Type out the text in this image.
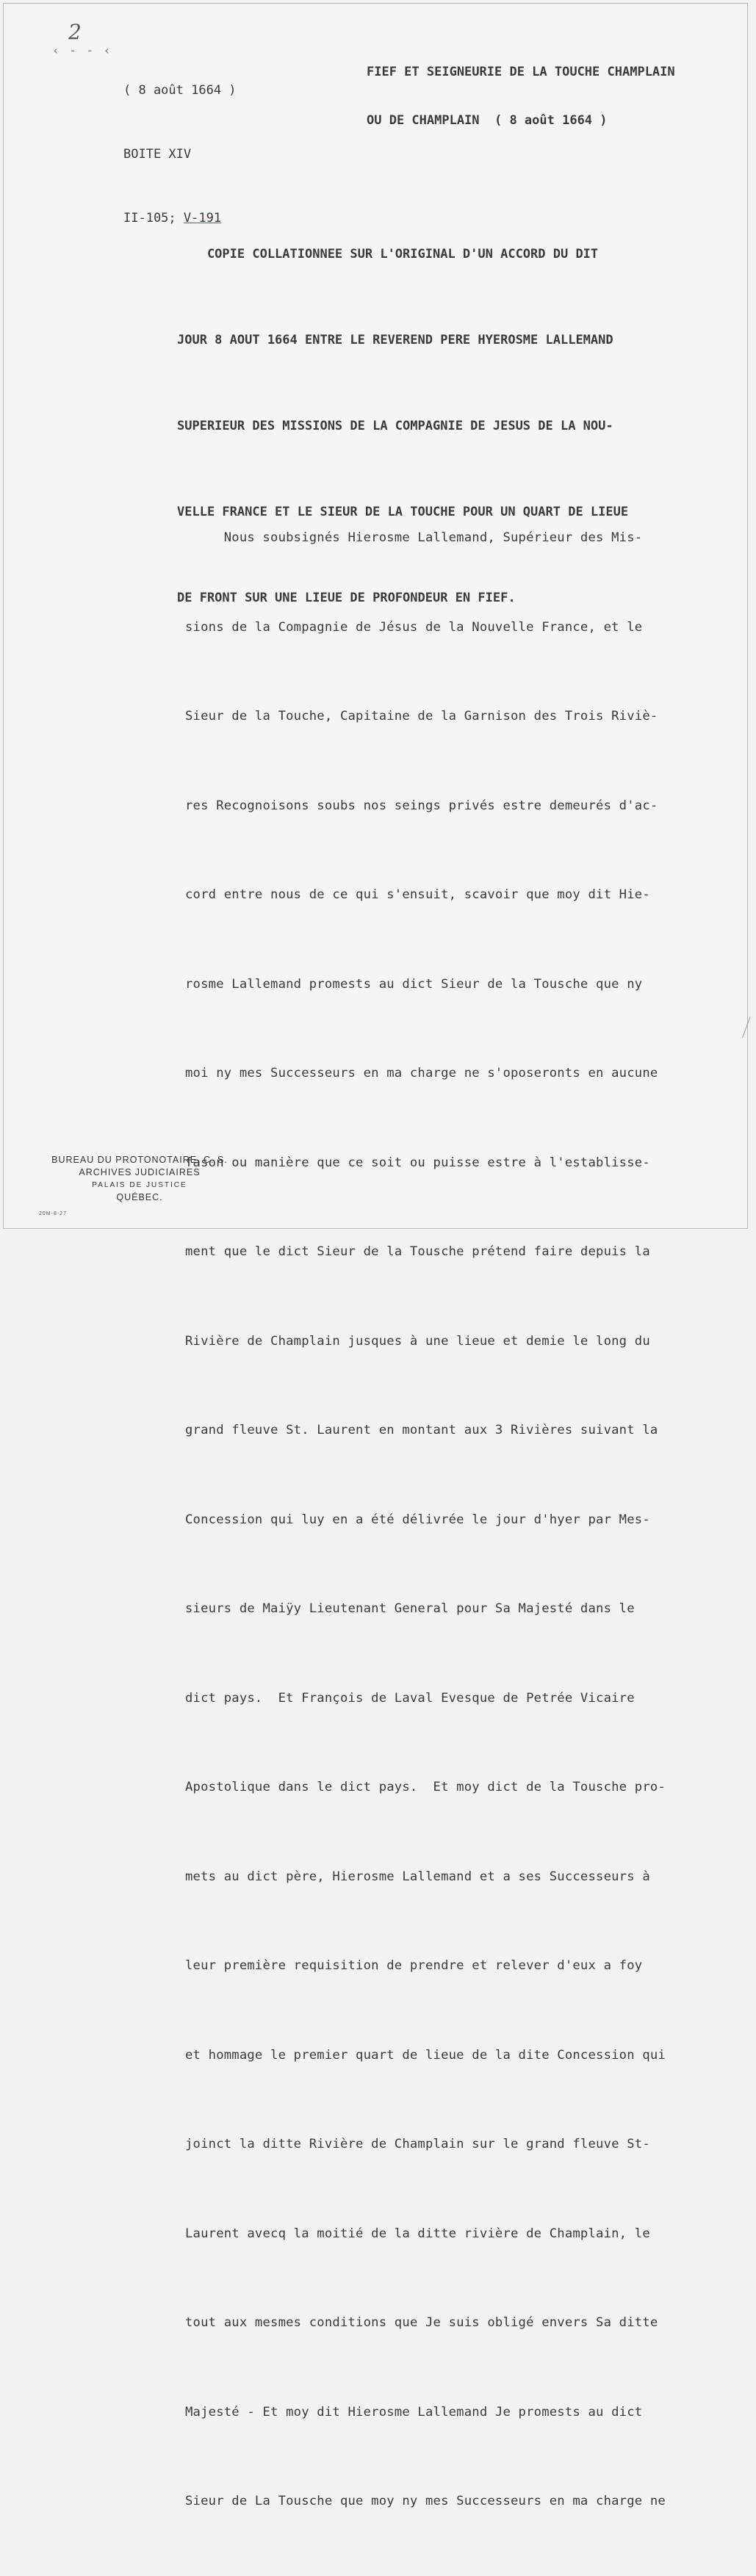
2
‹ - - ‹

( 8 août 1664 )

BOITE XIV

II-105; V-191

FIEF ET SEIGNEURIE DE LA TOUCHE CHAMPLAIN

OU DE CHAMPLAIN  ( 8 août 1664 )

COPIE COLLATIONNEE SUR L'ORIGINAL D'UN ACCORD DU DIT

JOUR 8 AOUT 1664 ENTRE LE REVEREND PERE HYEROSME LALLEMAND

SUPERIEUR DES MISSIONS DE LA COMPAGNIE DE JESUS DE LA NOU-

VELLE FRANCE ET LE SIEUR DE LA TOUCHE POUR UN QUART DE LIEUE

DE FRONT SUR UNE LIEUE DE PROFONDEUR EN FIEF.

Nous soubsignés Hierosme Lallemand, Supérieur des Mis-

sions de la Compagnie de Jésus de la Nouvelle France, et le

Sieur de la Touche, Capitaine de la Garnison des Trois Riviè-

res Recognoisons soubs nos seings privés estre demeurés d'ac-

cord entre nous de ce qui s'ensuit, scavoir que moy dit Hie-

rosme Lallemand promests au dict Sieur de la Tousche que ny

moi ny mes Successeurs en ma charge ne s'oposeronts en aucune

fason ou manière que ce soit ou puisse estre à l'establisse-

ment que le dict Sieur de la Tousche prétend faire depuis la

Rivière de Champlain jusques à une lieue et demie le long du

grand fleuve St. Laurent en montant aux 3 Rivières suivant la

Concession qui luy en a été délivrée le jour d'hyer par Mes-

sieurs de Maiÿy Lieutenant General pour Sa Majesté dans le

dict pays.  Et François de Laval Evesque de Petrée Vicaire

Apostolique dans le dict pays.  Et moy dict de la Tousche pro-

mets au dict père, Hierosme Lallemand et a ses Successeurs à

leur première requisition de prendre et relever d'eux a foy

et hommage le premier quart de lieue de la dite Concession qui

joinct la ditte Rivière de Champlain sur le grand fleuve St-

Laurent avecq la moitié de la ditte rivière de Champlain, le

tout aux mesmes conditions que Je suis obligé envers Sa ditte

Majesté - Et moy dit Hierosme Lallemand Je promests au dict

Sieur de La Tousche que moy ny mes Successeurs en ma charge ne

BUREAU DU PROTONOTAIRE, C. S.
ARCHIVES JUDICIAIRES
PALAIS DE JUSTICE
QUÉBEC.
20M-8-27
